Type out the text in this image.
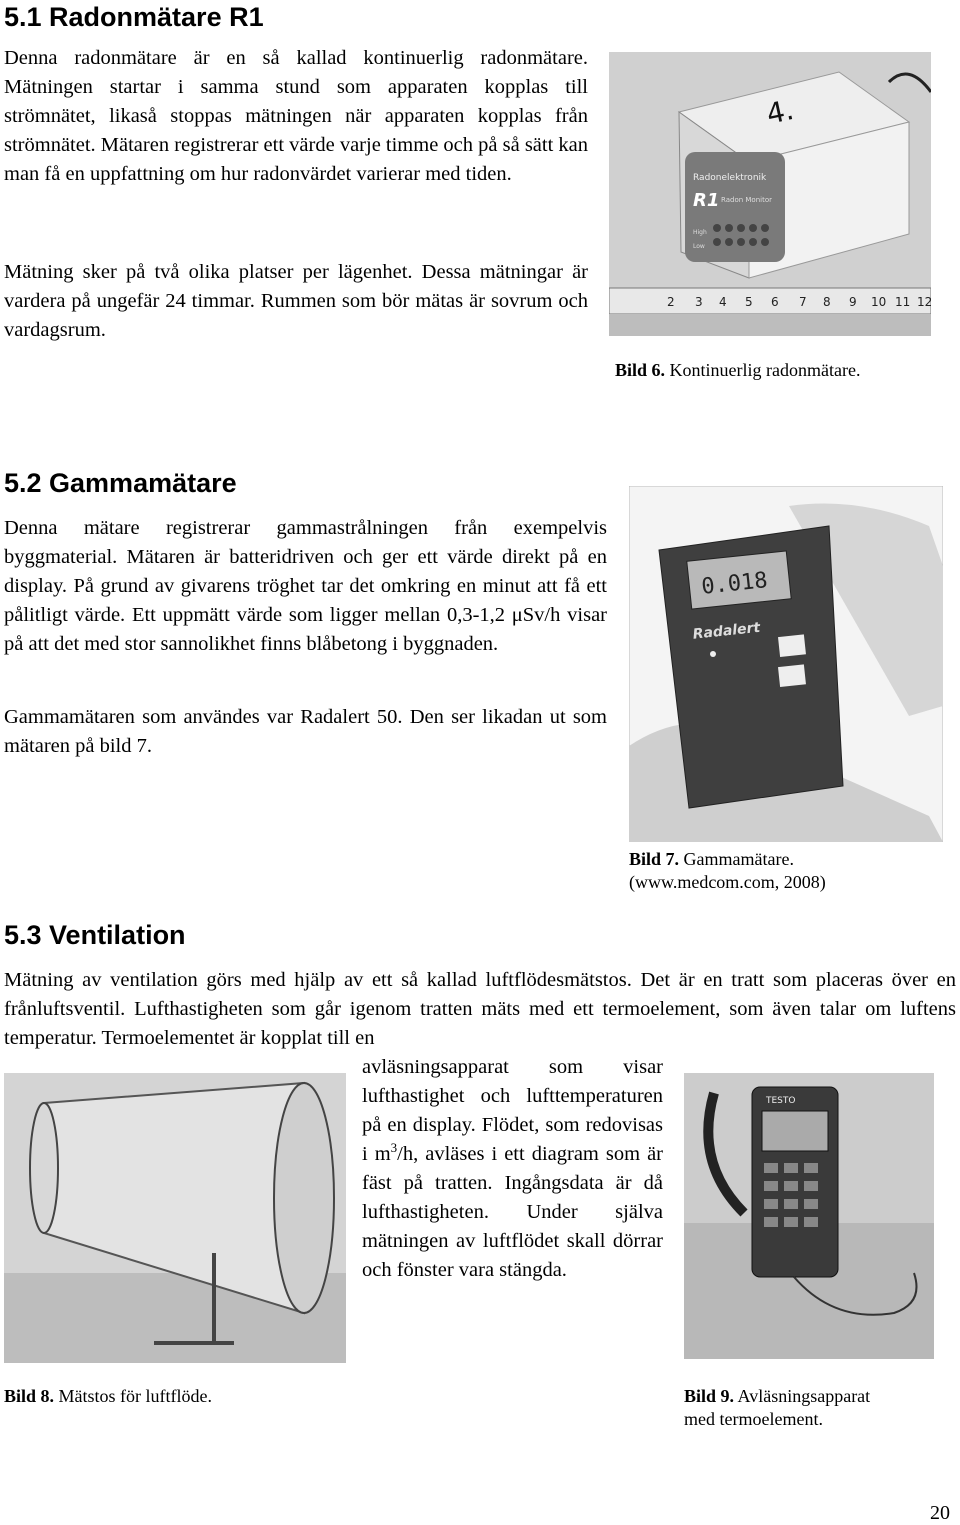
5.1 Radonmätare R1

Denna radonmätare är en så kallad kontinuerlig radonmätare. Mätningen startar i samma stund som apparaten kopplas till strömnätet, likaså stoppas mätningen när apparaten kopplas från strömnätet. Mätaren registrerar ett värde varje timme och på så sätt kan man få en uppfattning om hur radonvärdet varierar med tiden.

Mätning sker på två olika platser per lägenhet. Dessa mätningar är vardera på ungefär 24 timmar. Rummen som bör mätas är sovrum och vardagsrum.

Radonelektronik
R1 Radon Monitor
High
Low
4.
2 3 4 5 6 7 8 9 10 11 12

Bild 6. Kontinuerlig radonmätare.

5.2 Gammamätare

Denna mätare registrerar gammastrålningen från exempelvis byggmaterial. Mätaren är batteridriven och ger ett värde direkt på en display. På grund av givarens tröghet tar det omkring en minut att få ett pålitligt värde. Ett uppmätt värde som ligger mellan 0,3-1,2 μSv/h visar på att det med stor sannolikhet finns blåbetong i byggnaden.

Gammamätaren som användes var Radalert 50. Den ser likadan ut som mätaren på bild 7.

0.018
Radalert

Bild 7. Gammamätare.
(www.medcom.com, 2008)

5.3 Ventilation

Mätning av ventilation görs med hjälp av ett så kallad luftflödesmätstos. Det är en tratt som placeras över en frånluftsventil. Lufthastigheten som går igenom tratten mäts med ett termoelement, som även talar om luftens temperatur. Termoelementet är kopplat till en

avläsningsapparat som visar lufthastighet och lufttemperaturen på en display. Flödet, som redovisas i $m^3/h$, avläses i ett diagram som är fäst på tratten. Ingångsdata är då lufthastigheten. Under själva mätningen av luftflödet skall dörrar och fönster vara stängda.

TESTO

Bild 8. Mätstos för luftflöde.	Bild 9. Avläsningsapparat
med termoelement.

20
